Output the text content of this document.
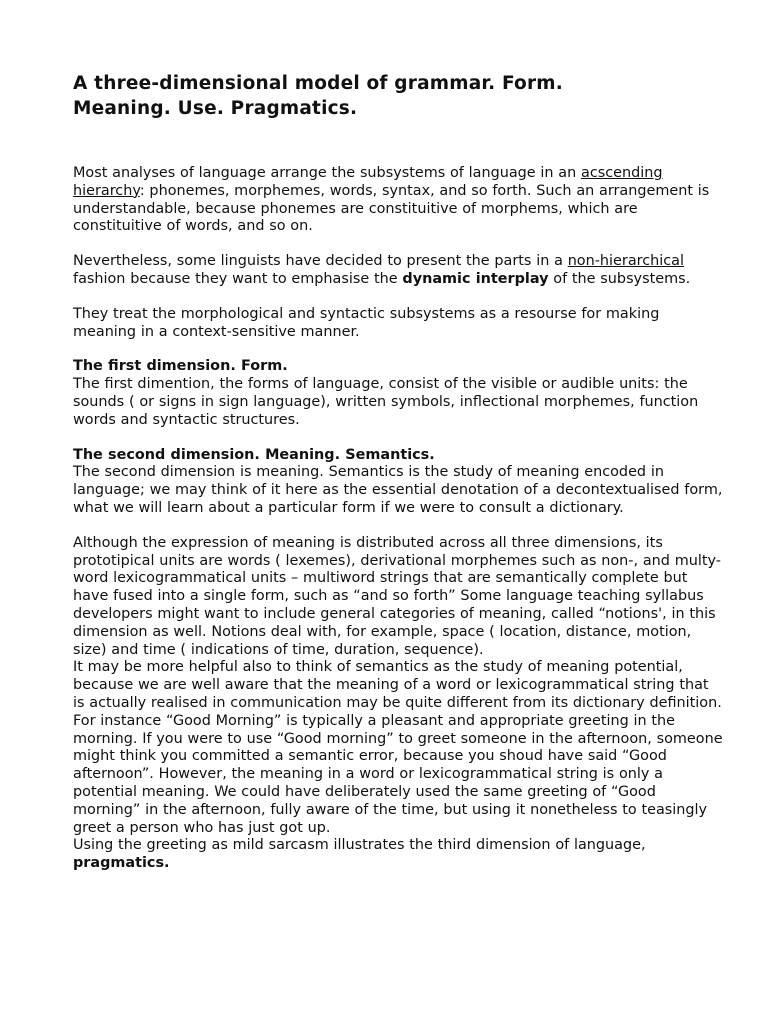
A three-dimensional model of grammar. Form. Meaning. Use. Pragmatics.

Most analyses of language arrange the subsystems of language in an acscending hierarchy: phonemes, morphemes, words, syntax, and so forth. Such an arrangement is understandable, because phonemes are constituitive of morphems, which are constituitive of words, and so on.

Nevertheless, some linguists have decided to present the parts in a non-hierarchical fashion because they want to emphasise the dynamic interplay of the subsystems.

They treat the morphological and syntactic subsystems as a resourse for making meaning in a context-sensitive manner.

The first dimension. Form.
The first dimention, the forms of language, consist of the visible or audible units: the sounds ( or signs in sign language), written symbols, inflectional morphemes, function words and syntactic structures.

The second dimension. Meaning. Semantics.
The second dimension is meaning. Semantics is the study of meaning encoded in language; we may think of it here as the essential denotation of a decontextualised form, what we will learn about a particular form if we were to consult a dictionary.

Although the expression of meaning is distributed across all three dimensions, its prototipical units are words ( lexemes), derivational morphemes such as non-, and multy-word lexicogrammatical units – multiword strings that are semantically complete but have fused into a single form, such as “and so forth” Some language teaching syllabus developers might want to include general categories of meaning, called “notions', in this dimension as well. Notions deal with, for example, space ( location, distance, motion, size) and time ( indications of time, duration, sequence).

It may be more helpful also to think of semantics as the study of meaning potential, because we are well aware that the meaning of a word or lexicogrammatical string that is actually realised in communication may be quite different from its dictionary definition. For instance “Good Morning” is typically a pleasant and appropriate greeting in the morning. If you were to use “Good morning” to greet someone in the afternoon, someone might think you committed a semantic error, because you shoud have said “Good afternoon”. However, the meaning in a word or lexicogrammatical string is only a potential meaning. We could have deliberately used the same greeting of “Good morning” in the afternoon, fully aware of the time, but using it nonetheless to teasingly greet a person who has just got up.

Using the greeting as mild sarcasm illustrates the third dimension of language, pragmatics.
